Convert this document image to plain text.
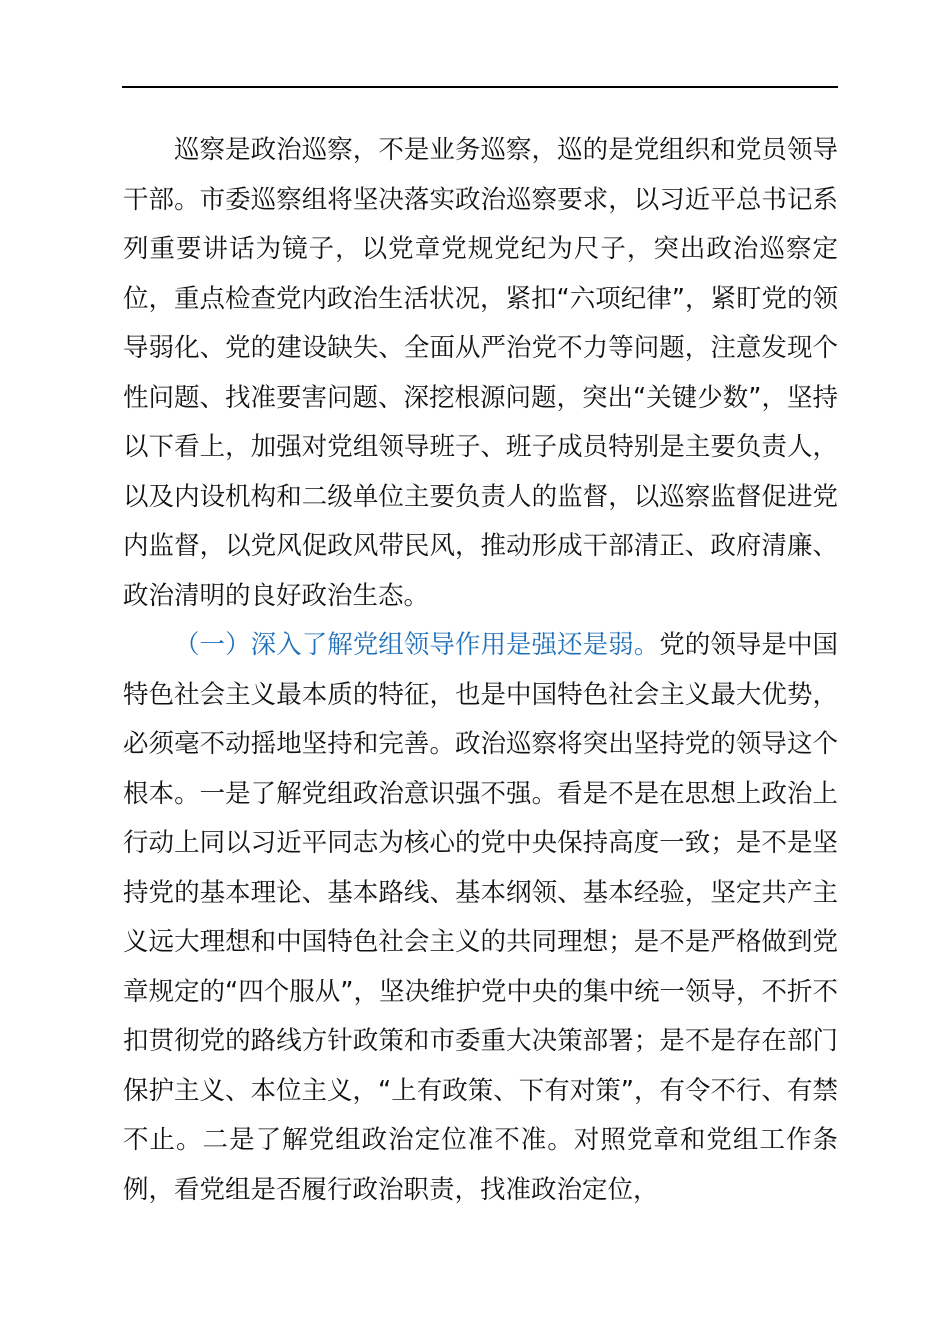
巡察是政治巡察，不是业务巡察，巡的是党组织和党员领导干部。市委巡察组将坚决落实政治巡察要求，以习近平总书记系列重要讲话为镜子，以党章党规党纪为尺子，突出政治巡察定位，重点检查党内政治生活状况，紧扣“六项纪律”，紧盯党的领导弱化、党的建设缺失、全面从严治党不力等问题，注意发现个性问题、找准要害问题、深挖根源问题，突出“关键少数”，坚持以下看上，加强对党组领导班子、班子成员特别是主要负责人，以及内设机构和二级单位主要负责人的监督，以巡察监督促进党内监督，以党风促政风带民风，推动形成干部清正、政府清廉、政治清明的良好政治生态。

（一）深入了解党组领导作用是强还是弱。党的领导是中国特色社会主义最本质的特征，也是中国特色社会主义最大优势，必须毫不动摇地坚持和完善。政治巡察将突出坚持党的领导这个根本。一是了解党组政治意识强不强。看是不是在思想上政治上行动上同以习近平同志为核心的党中央保持高度一致；是不是坚持党的基本理论、基本路线、基本纲领、基本经验，坚定共产主义远大理想和中国特色社会主义的共同理想；是不是严格做到党章规定的“四个服从”，坚决维护党中央的集中统一领导，不折不扣贯彻党的路线方针政策和市委重大决策部署；是不是存在部门保护主义、本位主义，“上有政策、下有对策”，有令不行、有禁不止。二是了解党组政治定位准不准。对照党章和党组工作条例，看党组是否履行政治职责，找准政治定位，
